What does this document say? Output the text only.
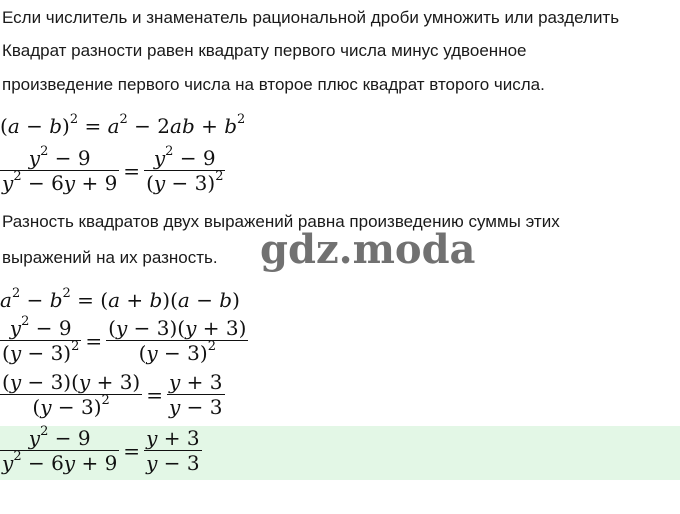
Если числитель и знаменатель рациональной дроби умножить или разделить
Квадрат разности равен квадрату первого числа минус удвоенное
произведение первого числа на второе плюс квадрат второго числа.
$(a - b)^2 = a^2 - 2ab + b^2$
$\frac{y^2 - 9}{y^2 - 6y + 9} = \frac{y^2 - 9}{(y - 3)^2}$
Разность квадратов двух выражений равна произведению суммы этих
выражений на их разность. gdz.moda
$a^2 - b^2 = (a + b)(a - b)$
$\frac{y^2 - 9}{(y - 3)^2} = \frac{(y - 3)(y + 3)}{(y - 3)^2}$
$\frac{(y - 3)(y + 3)}{(y - 3)^2} = \frac{y + 3}{y - 3}$
$\frac{y^2 - 9}{y^2 - 6y + 9} = \frac{y + 3}{y - 3}$
